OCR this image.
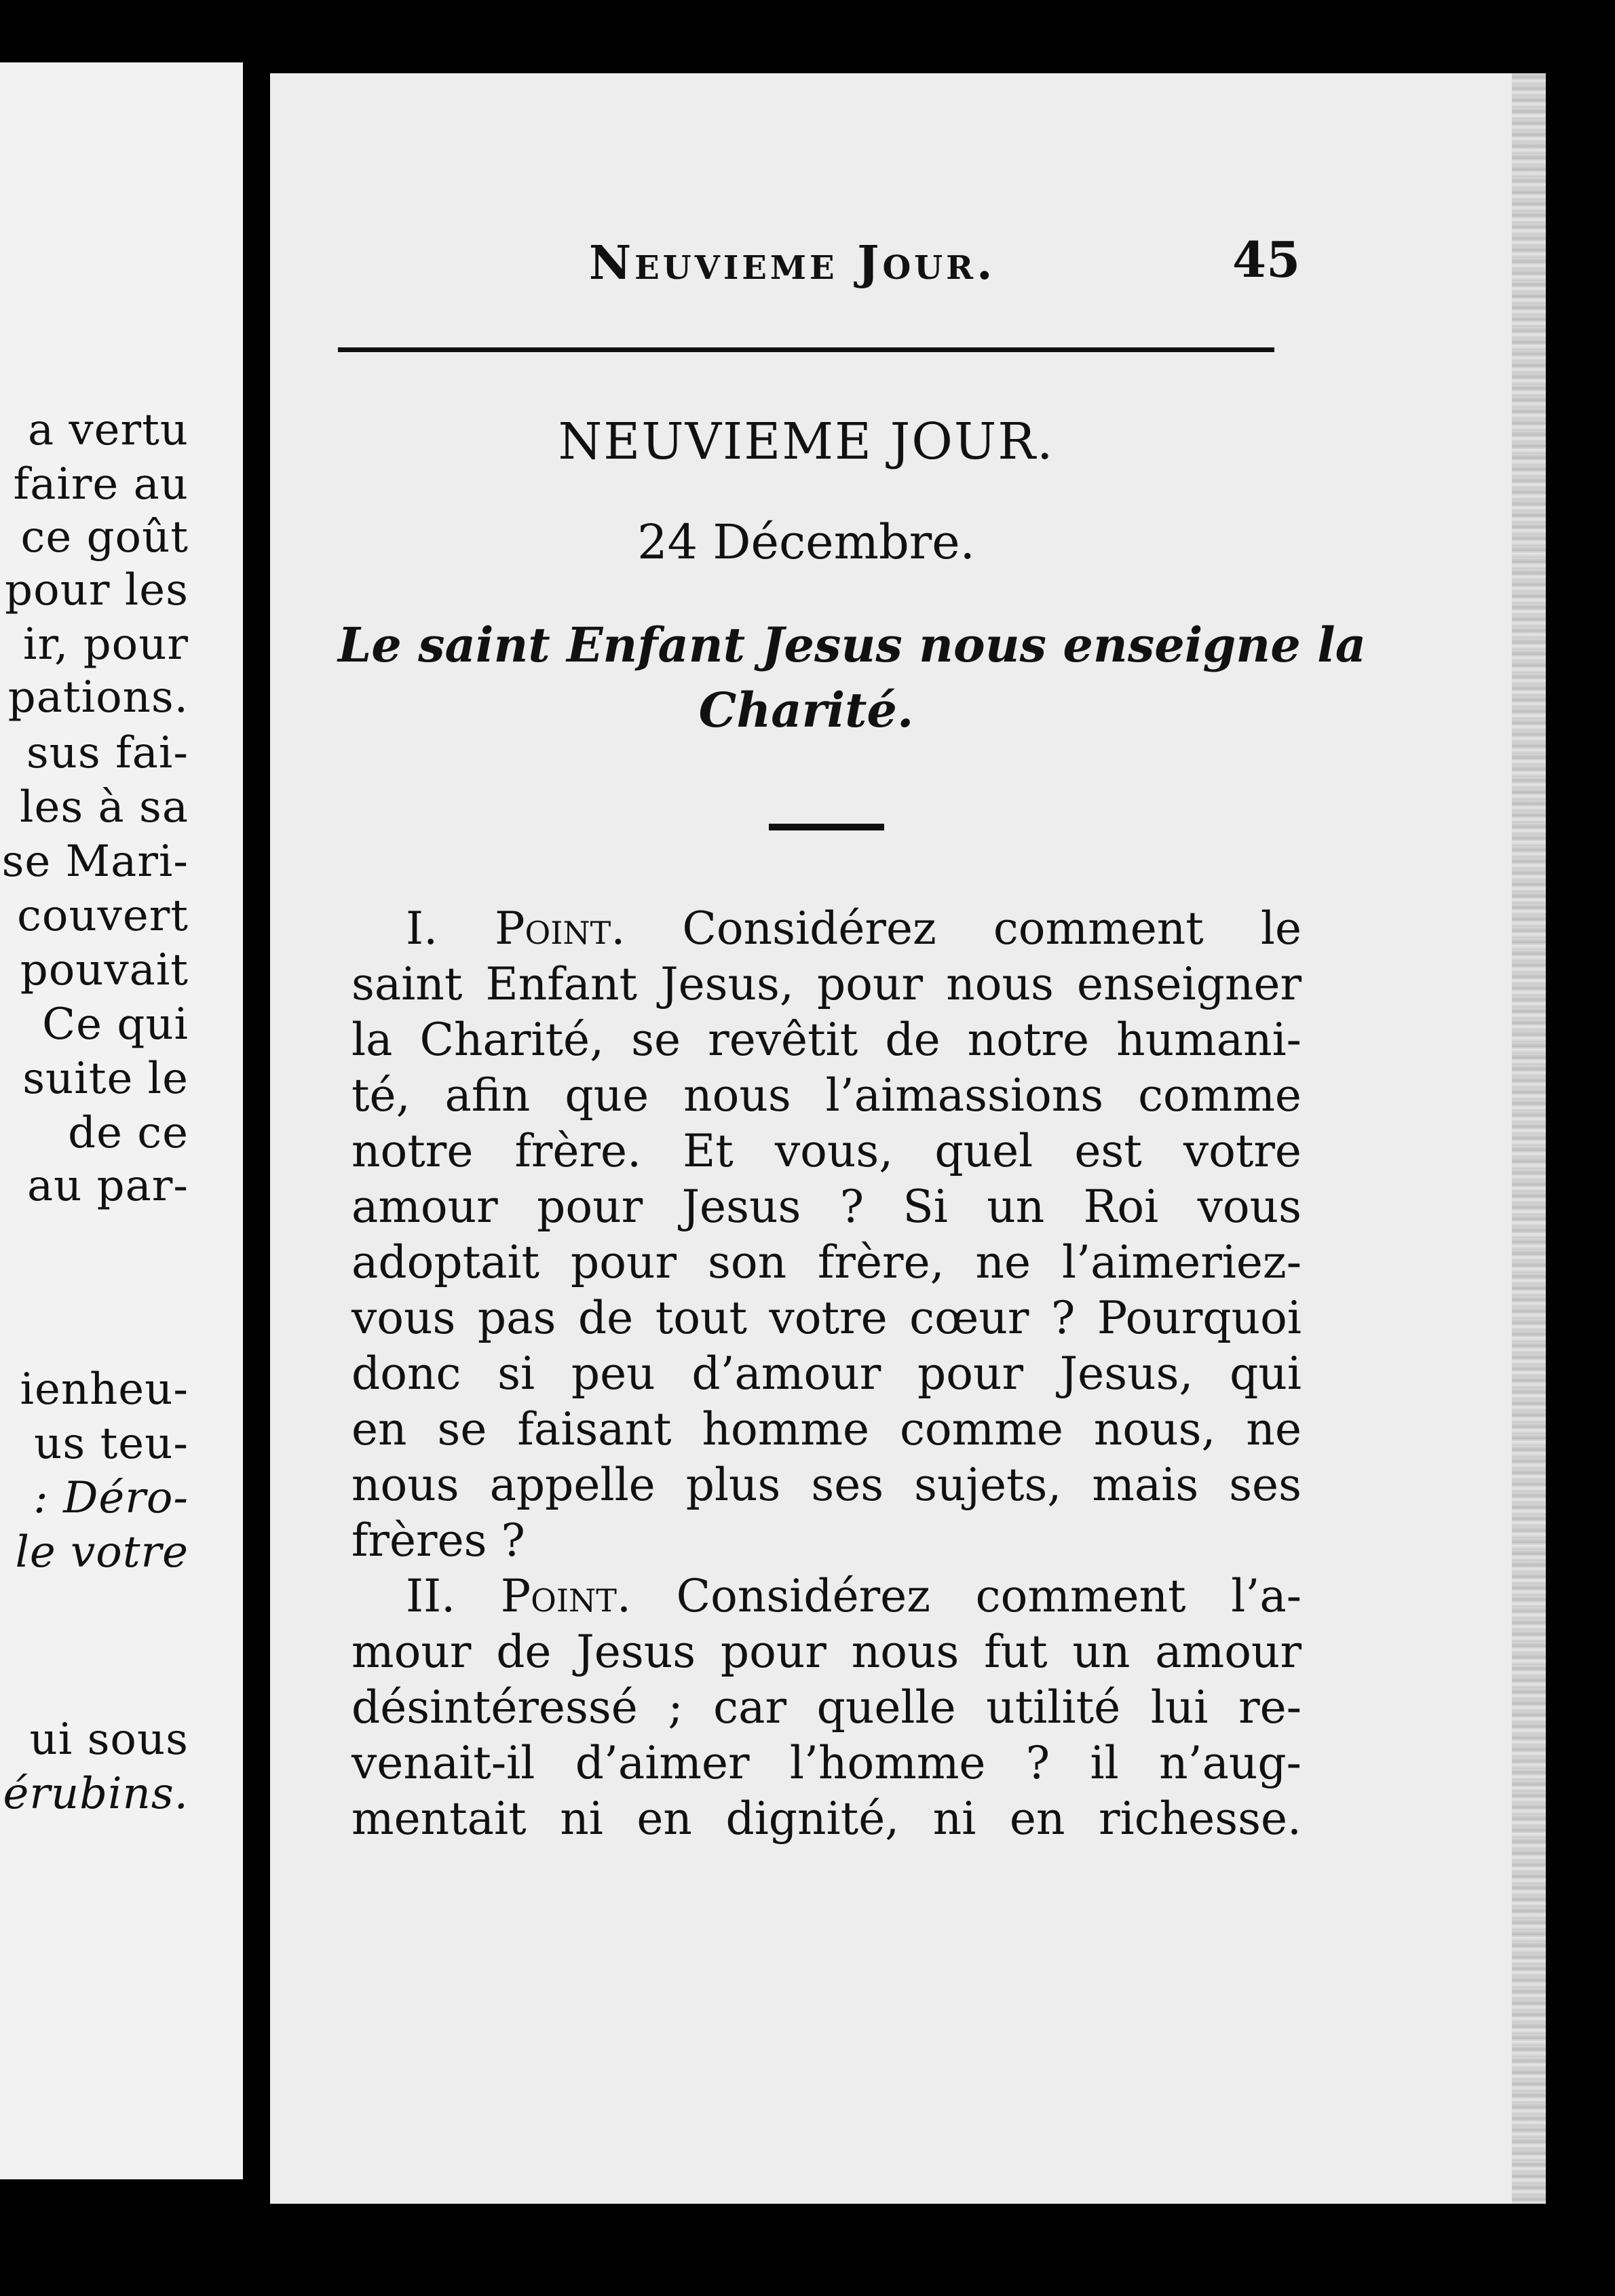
a vertu
faire au
ce goût
pour les
ir, pour
pations.
sus fai-
les à sa
se Mari-
couvert
pouvait
Ce qui
suite le
de ce
au par-
ienheu-
us teu-
: Déro-
le votre
ui sous
érubins.
Neuvieme Jour.	45
NEUVIEME JOUR.
24 Décembre.
Le saint Enfant Jesus nous enseigne la
Charité.
I. Point. Considérez comment le
saint Enfant Jesus, pour nous enseigner
la Charité, se revêtit de notre humani-
té, afin que nous l’aimassions comme
notre frère. Et vous, quel est votre
amour pour Jesus ? Si un Roi vous
adoptait pour son frère, ne l’aimeriez-
vous pas de tout votre cœur ? Pourquoi
donc si peu d’amour pour Jesus, qui
en se faisant homme comme nous, ne
nous appelle plus ses sujets, mais ses
frères ?
II. Point. Considérez comment l’a-
mour de Jesus pour nous fut un amour
désintéressé ; car quelle utilité lui re-
venait-il d’aimer l’homme ? il n’aug-
mentait ni en dignité, ni en richesse.
